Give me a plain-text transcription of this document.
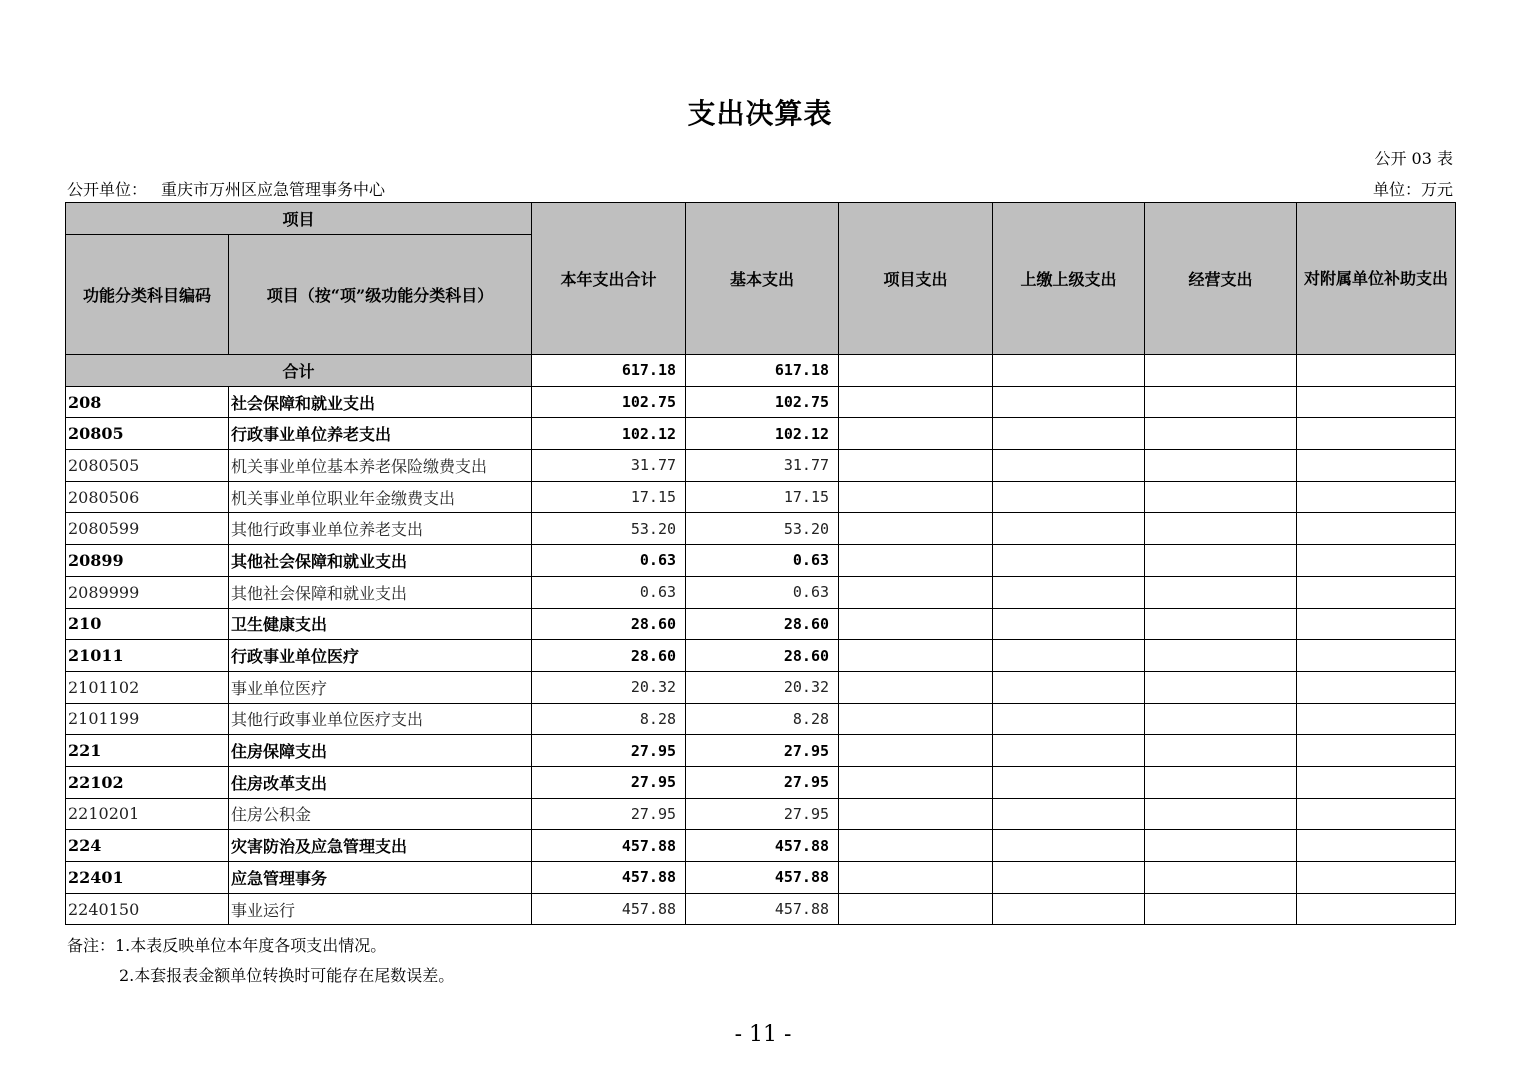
支出决算表
公开 03 表
公开单位： 重庆市万州区应急管理事务中心	单位：万元
项目		本年支出合计	基本支出	项目支出	上缴上级支出	经营支出	对附属单位补助支出
功能分类科目编码	项目（按“项”级功能分类科目）						
合计		617.18	617.18				
208	社会保障和就业支出	102.75	102.75				
20805	行政事业单位养老支出	102.12	102.12				
2080505	机关事业单位基本养老保险缴费支出	31.77	31.77				
2080506	机关事业单位职业年金缴费支出	17.15	17.15				
2080599	其他行政事业单位养老支出	53.20	53.20				
20899	其他社会保障和就业支出	0.63	0.63				
2089999	其他社会保障和就业支出	0.63	0.63				
210	卫生健康支出	28.60	28.60				
21011	行政事业单位医疗	28.60	28.60				
2101102	事业单位医疗	20.32	20.32				
2101199	其他行政事业单位医疗支出	8.28	8.28				
221	住房保障支出	27.95	27.95				
22102	住房改革支出	27.95	27.95				
2210201	住房公积金	27.95	27.95				
224	灾害防治及应急管理支出	457.88	457.88				
22401	应急管理事务	457.88	457.88				
2240150	事业运行	457.88	457.88				
备注：1.本表反映单位本年度各项支出情况。
2.本套报表金额单位转换时可能存在尾数误差。
- 11 -
